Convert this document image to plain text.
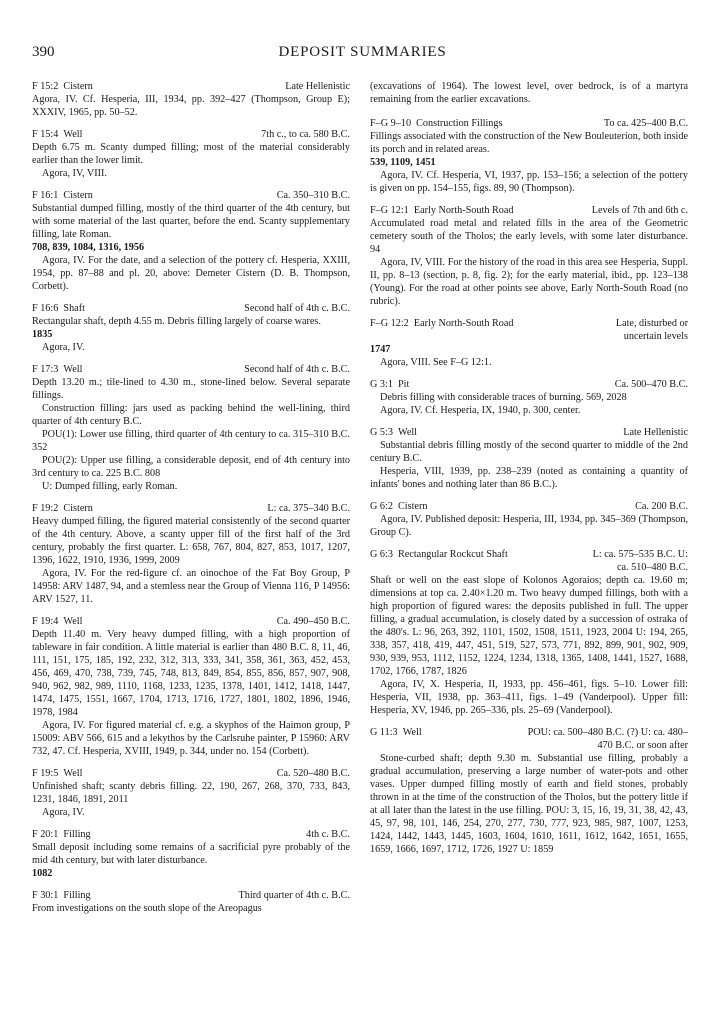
390	DEPOSIT SUMMARIES
F 15:2 Cistern	Late Hellenistic
Agora, IV. Cf. Hesperia, III, 1934, pp. 392–427 (Thompson, Group E); XXXIV, 1965, pp. 50–52.
F 15:4 Well	7th c., to ca. 580 B.C.
Depth 6.75 m. Scanty dumped filling; most of the material considerably earlier than the lower limit.
Agora, IV, VIII.
F 16:1 Cistern	Ca. 350–310 B.C.
Substantial dumped filling, mostly of the third quarter of the 4th century, but with some material of the last quarter, before the end. Scanty supplementary filling, late Roman.
708, 839, 1084, 1316, 1956
Agora, IV. For the date, and a selection of the pottery cf. Hesperia, XXIII, 1954, pp. 87–88 and pl. 20, above: Demeter Cistern (D. B. Thompson, Corbett).
F 16:6 Shaft	Second half of 4th c. B.C.
Rectangular shaft, depth 4.55 m. Debris filling largely of coarse wares.
1835
Agora, IV.
F 17:3 Well	Second half of 4th c. B.C.
Depth 13.20 m.; tile-lined to 4.30 m., stone-lined below. Several separate fillings.
Construction filling: jars used as packing behind the well-lining, third quarter of 4th century B.C.
POU(1): Lower use filling, third quarter of 4th century to ca. 315–310 B.C. 352
POU(2): Upper use filling, a considerable deposit, end of 4th century into 3rd century to ca. 225 B.C. 808
U: Dumped filling, early Roman.
F 19:2 Cistern	L: ca. 375–340 B.C.
Heavy dumped filling, the figured material consistently of the second quarter of the 4th century. Above, a scanty upper fill of the first half of the 3rd century, probably the first quarter. L: 658, 767, 804, 827, 853, 1017, 1207, 1396, 1622, 1910, 1936, 1999, 2009
Agora, IV. For the red-figure cf. an oinochoe of the Fat Boy Group, P 14958: ARV 1487, 94, and a stemless near the Group of Vienna 116, P 14956: ARV 1527, 11.
F 19:4 Well	Ca. 490–450 B.C.
Depth 11.40 m. Very heavy dumped filling, with a high proportion of tableware in fair condition. A little material is earlier than 480 B.C. 8, 11, 46, 111, 151, 175, 185, 192, 232, 312, 313, 333, 341, 358, 361, 363, 452, 453, 456, 469, 470, 738, 739, 745, 748, 813, 849, 854, 855, 856, 857, 907, 908, 940, 962, 982, 989, 1110, 1168, 1233, 1235, 1378, 1401, 1412, 1418, 1447, 1474, 1475, 1551, 1667, 1704, 1713, 1716, 1727, 1801, 1802, 1896, 1946, 1978, 1984
Agora, IV. For figured material cf. e.g. a skyphos of the Haimon group, P 15009: ABV 566, 615 and a lekythos by the Carlsruhe painter, P 15960: ARV 732, 47. Cf. Hesperia, XVIII, 1949, p. 344, under no. 154 (Corbett).
F 19:5 Well	Ca. 520–480 B.C.
Unfinished shaft; scanty debris filling. 22, 190, 267, 268, 370, 733, 843, 1231, 1846, 1891, 2011
Agora, IV.
F 20:1 Filling	4th c. B.C.
Small deposit including some remains of a sacrificial pyre probably of the mid 4th century, but with later disturbance.
1082
F 30:1 Filling	Third quarter of 4th c. B.C.
From investigations on the south slope of the Areopagus
(excavations of 1964). The lowest level, over bedrock, is of a martyra remaining from the earlier excavations.
F–G 9–10 Construction Fillings	To ca. 425–400 B.C.
Fillings associated with the construction of the New Bouleuterion, both inside its porch and in related areas.
539, 1109, 1451
Agora, IV. Cf. Hesperia, VI, 1937, pp. 153–156; a selection of the pottery is given on pp. 154–155, figs. 89, 90 (Thompson).
F–G 12:1 Early North-South Road	Levels of 7th and 6th c.
Accumulated road metal and related fills in the area of the Geometric cemetery south of the Tholos; the early levels, with some later disturbance. 94
Agora, IV, VIII. For the history of the road in this area see Hesperia, Suppl. II, pp. 8–13 (section, p. 8, fig. 2); for the early material, ibid., pp. 123–138 (Young). For the road at other points see above, Early North-South Road (no rubric).
F–G 12:2 Early North-South Road	Late, disturbed or uncertain levels
1747
Agora, VIII. See F–G 12:1.
G 3:1 Pit	Ca. 500–470 B.C.
Debris filling with considerable traces of burning. 569, 2028
Agora, IV. Cf. Hesperia, IX, 1940, p. 300, center.
G 5:3 Well	Late Hellenistic
Substantial debris filling mostly of the second quarter to middle of the 2nd century B.C.
Hesperia, VIII, 1939, pp. 238–239 (noted as containing a quantity of infants' bones and nothing later than 86 B.C.).
G 6:2 Cistern	Ca. 200 B.C.
Agora, IV. Published deposit: Hesperia, III, 1934, pp. 345–369 (Thompson, Group C).
G 6:3 Rectangular Rockcut Shaft	L: ca. 575–535 B.C. U: ca. 510–480 B.C.
Shaft or well on the east slope of Kolonos Agoraios; depth ca. 19.60 m; dimensions at top ca. 2.40×1.20 m. Two heavy dumped fillings, both with a high proportion of figured wares: the deposits published in full. The upper filling, a gradual accumulation, is closely dated by a succession of ostraka of the 480's. L: 96, 263, 392, 1101, 1502, 1508, 1511, 1923, 2004 U: 194, 265, 338, 357, 418, 419, 447, 451, 519, 527, 573, 771, 892, 899, 901, 902, 909, 930, 939, 953, 1112, 1152, 1224, 1234, 1318, 1365, 1408, 1441, 1527, 1688, 1702, 1766, 1787, 1826
Agora, IV, X. Hesperia, II, 1933, pp. 456–461, figs. 5–10. Lower fill: Hesperia, VII, 1938, pp. 363–411, figs. 1–49 (Vanderpool). Upper fill: Hesperia, XV, 1946, pp. 265–336, pls. 25–69 (Vanderpool).
G 11:3 Well	POU: ca. 500–480 B.C. (?) U: ca. 480–470 B.C. or soon after
Stone-curbed shaft; depth 9.30 m. Substantial use filling, probably a gradual accumulation, preserving a large number of water-pots and other vases. Upper dumped filling mostly of earth and field stones, probably thrown in at the time of the construction of the Tholos, but the pottery little if at all later than the latest in the use filling. POU: 3, 15, 16, 19, 31, 38, 42, 43, 45, 97, 98, 101, 146, 254, 270, 277, 730, 777, 923, 985, 987, 1007, 1253, 1424, 1442, 1443, 1445, 1603, 1604, 1610, 1611, 1612, 1642, 1651, 1655, 1659, 1666, 1697, 1712, 1726, 1927 U: 1859
